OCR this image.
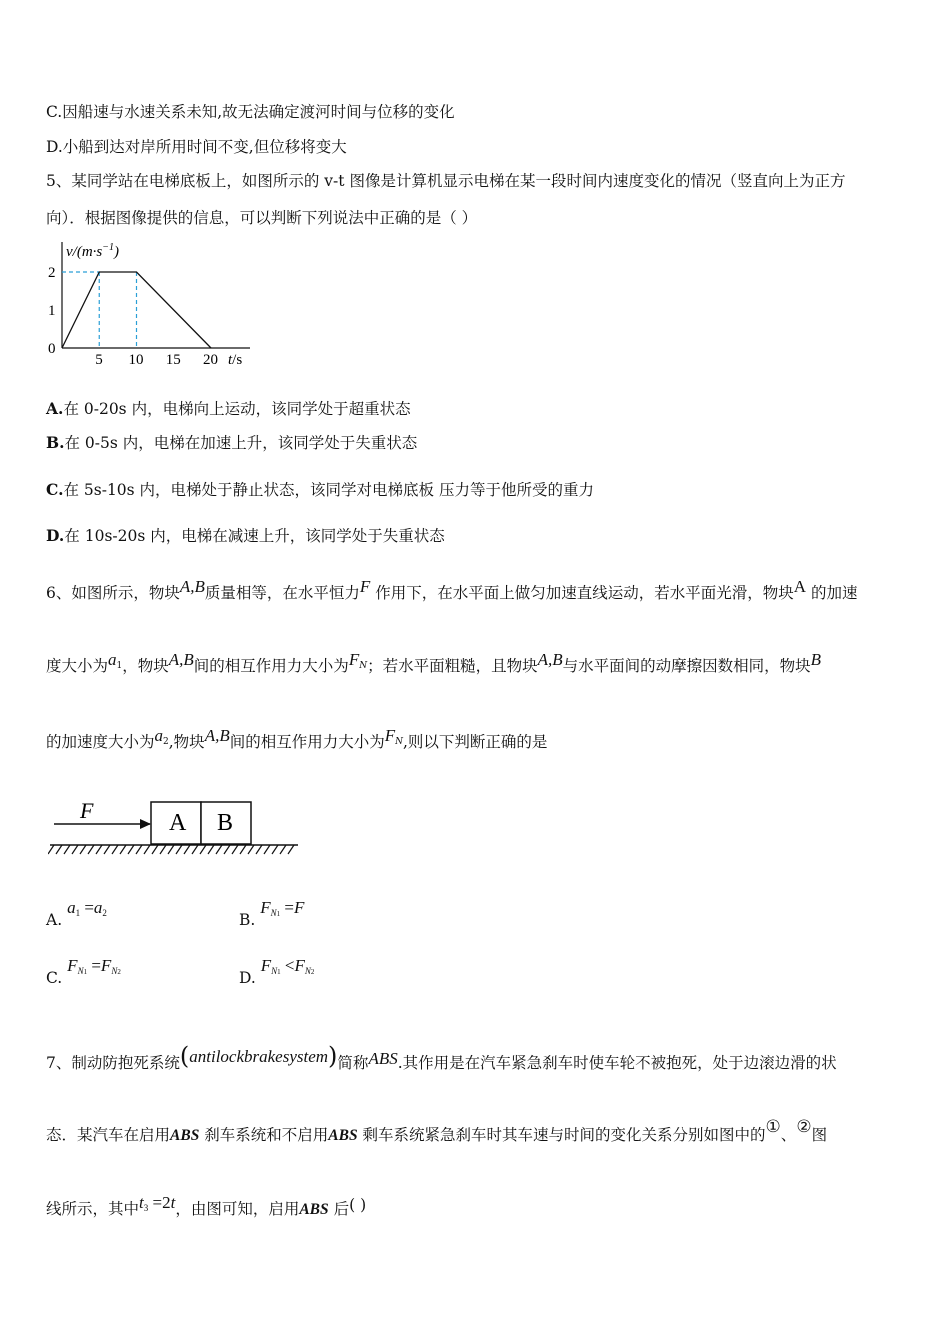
C.因船速与水速关系未知,故无法确定渡河时间与位移的变化
D.小船到达对岸所用时间不变,但位移将变大
5、某同学站在电梯底板上，如图所示的 v-t 图像是计算机显示电梯在某一段时间内速度变化的情况（竖直向上为正方
向）．根据图像提供的信息，可以判断下列说法中正确的是（ ）
$v/(m\cdot s^{-1})$
t/s
5 10 15 20
0
1
2
A.在 0-20s 内，电梯向上运动，该同学处于超重状态
B.在 0-5s 内，电梯在加速上升，该同学处于失重状态
C.在 5s-10s 内，电梯处于静止状态，该同学对电梯底板 压力等于他所受的重力
D.在 10s-20s 内，电梯在减速上升，该同学处于失重状态
6、如图所示，物块A,B质量相等，在水平恒力F 作用下，在水平面上做匀加速直线运动，若水平面光滑，物块A 的加速
度大小为$a_1$，物块A,B间的相互作用力大小为$F_N$；若水平面粗糙，且物块A,B与水平面间的动摩擦因数相同，物块B
的加速度大小为$a_2$,物块A,B间的相互作用力大小为$F_N$,则以下判断正确的是
F	A B
A. $a_1 =a_2$	B. $F_{N1} =F$
C. $F_{N1} =F_{N2}$	D. $F_{N1} <F_{N2}$
7、制动防抱死系统(antilockbrakesystem)简称ABS.其作用是在汽车紧急刹车时使车轮不被抱死，处于边滚边滑的状
态．某汽车在启用ABS 刹车系统和不启用ABS 剩车系统紧急刹车时其车速与时间的变化关系分别如图中的①、②图
线所示，其中$t_3 =2t$，由图可知，启用ABS 后( )
